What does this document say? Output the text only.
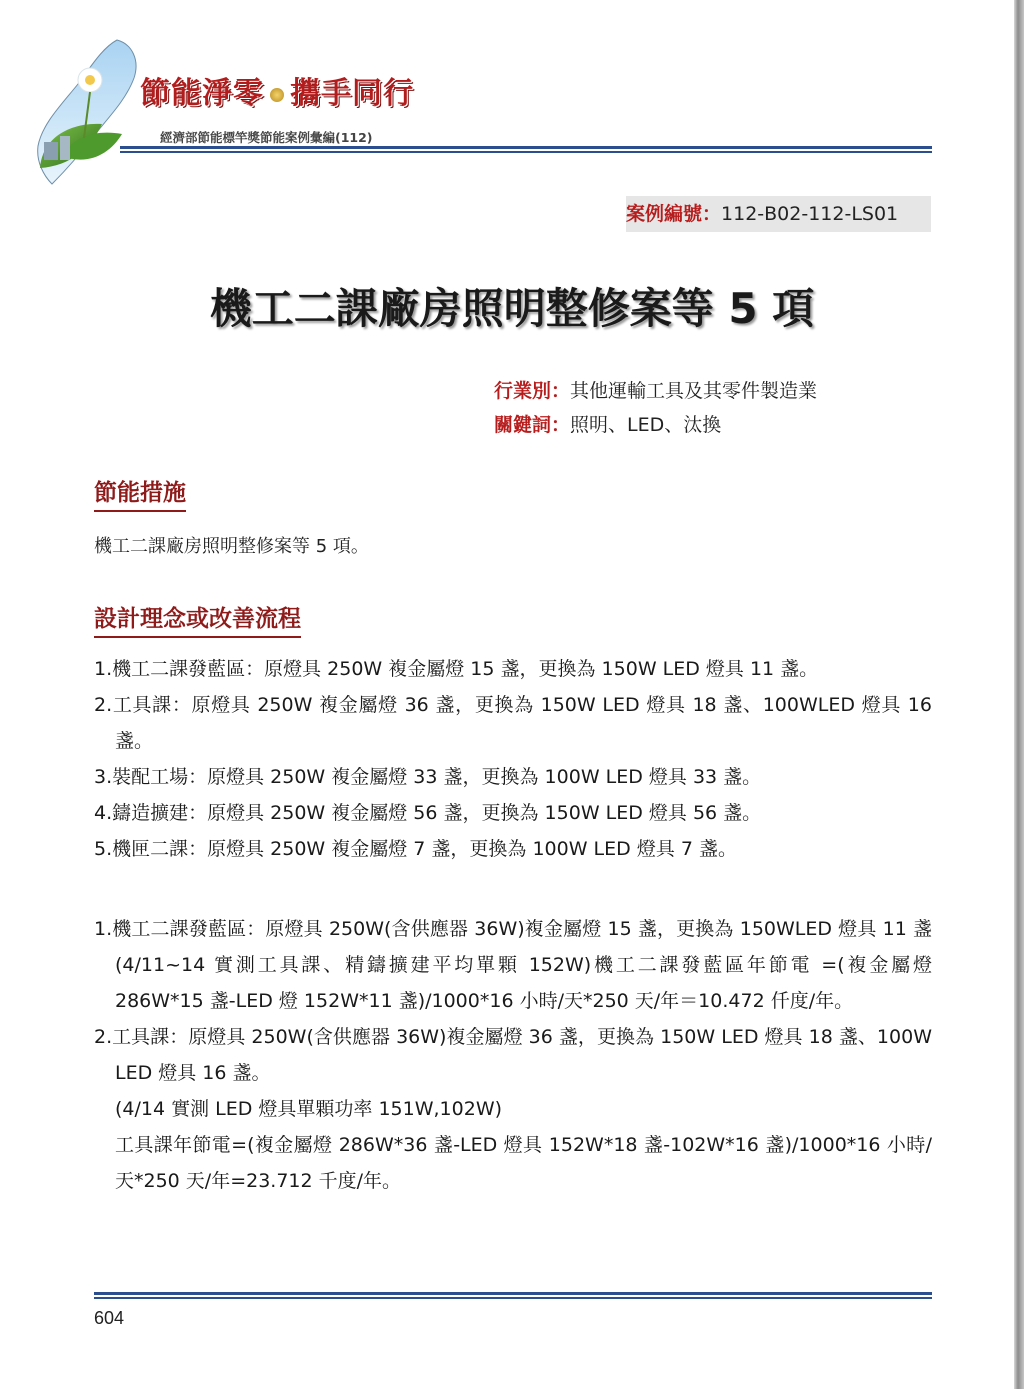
節能淨零 攜手同行
經濟部節能標竿獎節能案例彙編(112)
案例編號：112-B02-112-LS01
機工二課廠房照明整修案等 5 項
行業別：其他運輸工具及其零件製造業
關鍵詞：照明、LED、汰換
節能措施
機工二課廠房照明整修案等 5 項。
設計理念或改善流程
1.機工二課發藍區：原燈具 250W 複金屬燈 15 盞，更換為 150W LED 燈具 11 盞。
2.工具課：原燈具 250W 複金屬燈 36 盞，更換為 150W LED 燈具 18 盞、100WLED 燈具 16 盞。
3.裝配工場：原燈具 250W 複金屬燈 33 盞，更換為 100W LED 燈具 33 盞。
4.鑄造擴建：原燈具 250W 複金屬燈 56 盞，更換為 150W LED 燈具 56 盞。
5.機匣二課：原燈具 250W 複金屬燈 7 盞，更換為 100W LED 燈具 7 盞。
1.機工二課發藍區：原燈具 250W(含供應器 36W)複金屬燈 15 盞，更換為 150WLED 燈具 11 盞(4/11~14 實測工具課、精鑄擴建平均單顆 152W)機工二課發藍區年節電 =(複金屬燈 286W*15 盞-LED 燈 152W*11 盞)/1000*16 小時/天*250 天/年＝10.472 仟度/年。
2.工具課：原燈具 250W(含供應器 36W)複金屬燈 36 盞，更換為 150W LED 燈具 18 盞、100W LED 燈具 16 盞。
(4/14 實測 LED 燈具單顆功率 151W,102W)
工具課年節電=(複金屬燈 286W*36 盞-LED 燈具 152W*18 盞-102W*16 盞)/1000*16 小時/天*250 天/年=23.712 千度/年。
604
